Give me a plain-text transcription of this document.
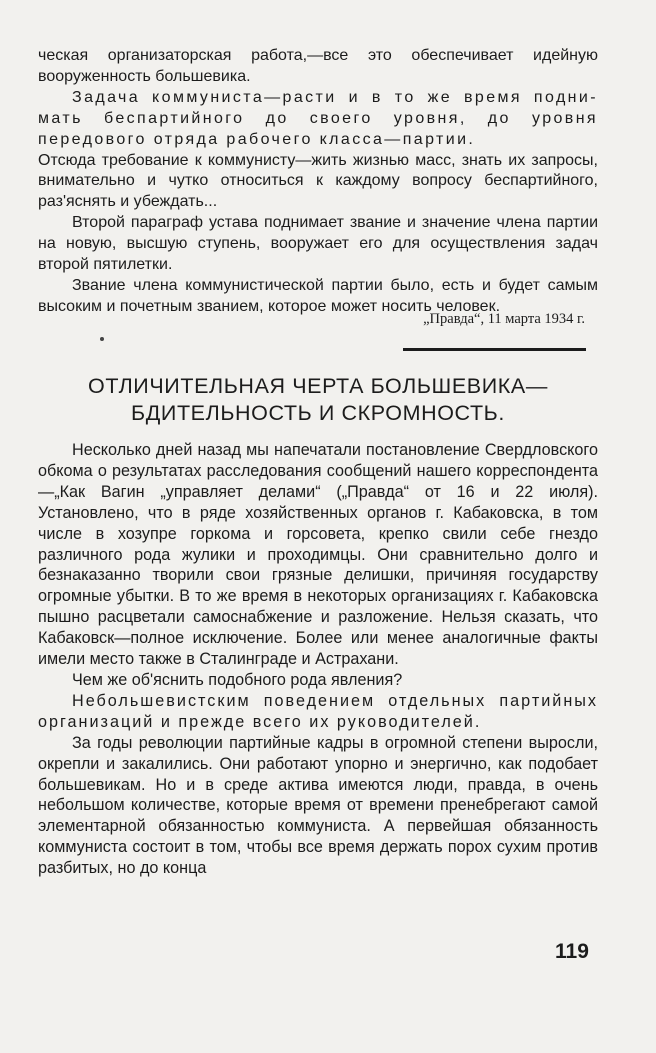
ческая организаторская работа,—все это обеспечивает идейную вооруженность большевика.

Задача коммуниста—расти и в то же время подни- мать беспартийного до своего уровня, до уровня передового отряда рабочего класса—партии.

Отсюда требование к коммунисту—жить жизнью масс, знать их запросы, внимательно и чутко относиться к каждому вопросу беспартийного, раз'яснять и убеждать...

Второй параграф устава поднимает звание и значение члена партии на новую, высшую ступень, вооружает его для осуществления задач второй пятилетки.

Звание члена коммунистической партии было, есть и будет самым высоким и почетным званием, которое может носить человек.

„Правда“, 11 марта 1934 г.
ОТЛИЧИТЕЛЬНАЯ ЧЕРТА БОЛЬШЕВИКА—
БДИТЕЛЬНОСТЬ И СКРОМНОСТЬ.

Несколько дней назад мы напечатали постановление Свердловского обкома о результатах расследования сообщений нашего корреспондента—„Как Вагин „управляет делами“ („Правда“ от 16 и 22 июля). Установлено, что в ряде хозяйственных органов г. Кабаковска, в том числе в хозупре горкома и горсовета, крепко свили себе гнездо различного рода жулики и проходимцы. Они сравнительно долго и безнаказанно творили свои грязные делишки, причиняя государству огромные убытки. В то же время в некоторых организациях г. Кабаковска пышно расцветали самоснабжение и разложение. Нельзя сказать, что Кабаковск—полное исключение. Более или менее аналогичные факты имели место также в Сталинграде и Астрахани.

Чем же об'яснить подобного рода явления?

Небольшевистским поведением отдельных партийных организаций и прежде всего их руководителей.

За годы революции партийные кадры в огромной степени выросли, окрепли и закалились. Они работают упорно и энергично, как подобает большевикам. Но и в среде актива имеются люди, правда, в очень небольшом количестве, которые время от времени пренебрегают самой элементарной обязанностью коммуниста. А первейшая обязанность коммуниста состоит в том, чтобы все время держать порох сухим против разбитых, но до конца

119
